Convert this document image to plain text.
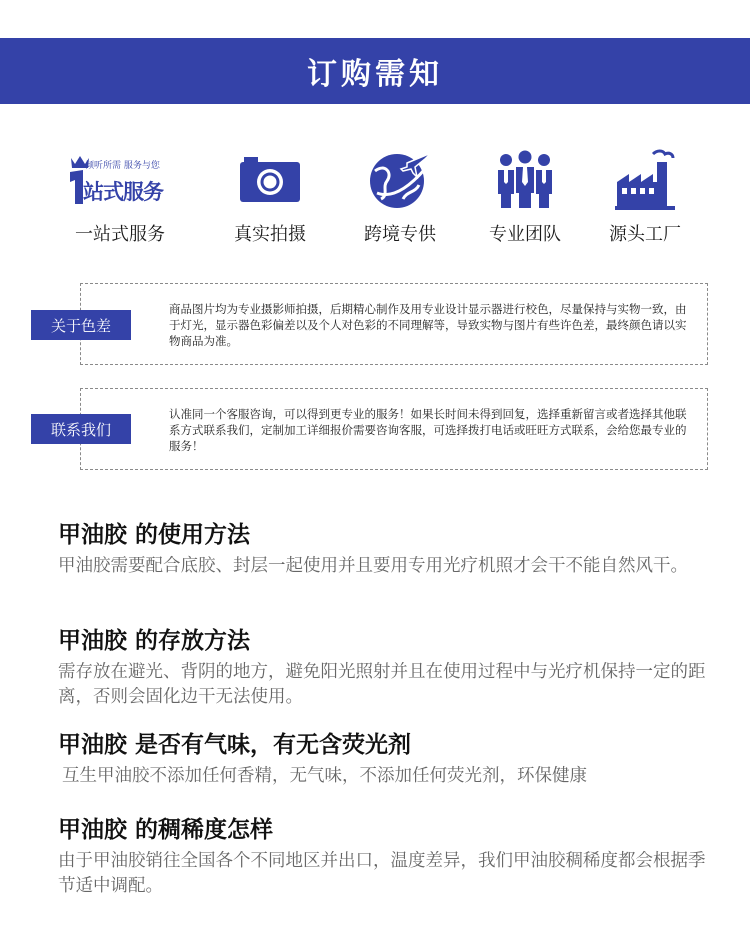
订购需知
倾听所需 服务与您
站式服务
一站式服务	真实拍摄	跨境专供	专业团队	源头工厂
商品图片均为专业摄影师拍摄，后期精心制作及用专业设计显示器进行校色，尽量保持与实物一致，由于灯光，显示器色彩偏差以及个人对色彩的不同理解等，导致实物与图片有些许色差，最终颜色请以实物商品为准。
关于色差
认准同一个客服咨询，可以得到更专业的服务！如果长时间未得到回复，选择重新留言或者选择其他联系方式联系我们，定制加工详细报价需要咨询客服，可选择拨打电话或旺旺方式联系，会给您最专业的服务！
联系我们
甲油胶 的使用方法
甲油胶需要配合底胶、封层一起使用并且要用专用光疗机照才会干不能自然风干。
甲油胶 的存放方法
需存放在避光、背阴的地方，避免阳光照射并且在使用过程中与光疗机保持一定的距离，否则会固化边干无法使用。
甲油胶 是否有气味，有无含荧光剂
互生甲油胶不添加任何香精，无气味，不添加任何荧光剂，环保健康
甲油胶 的稠稀度怎样
由于甲油胶销往全国各个不同地区并出口，温度差异，我们甲油胶稠稀度都会根据季节适中调配。
